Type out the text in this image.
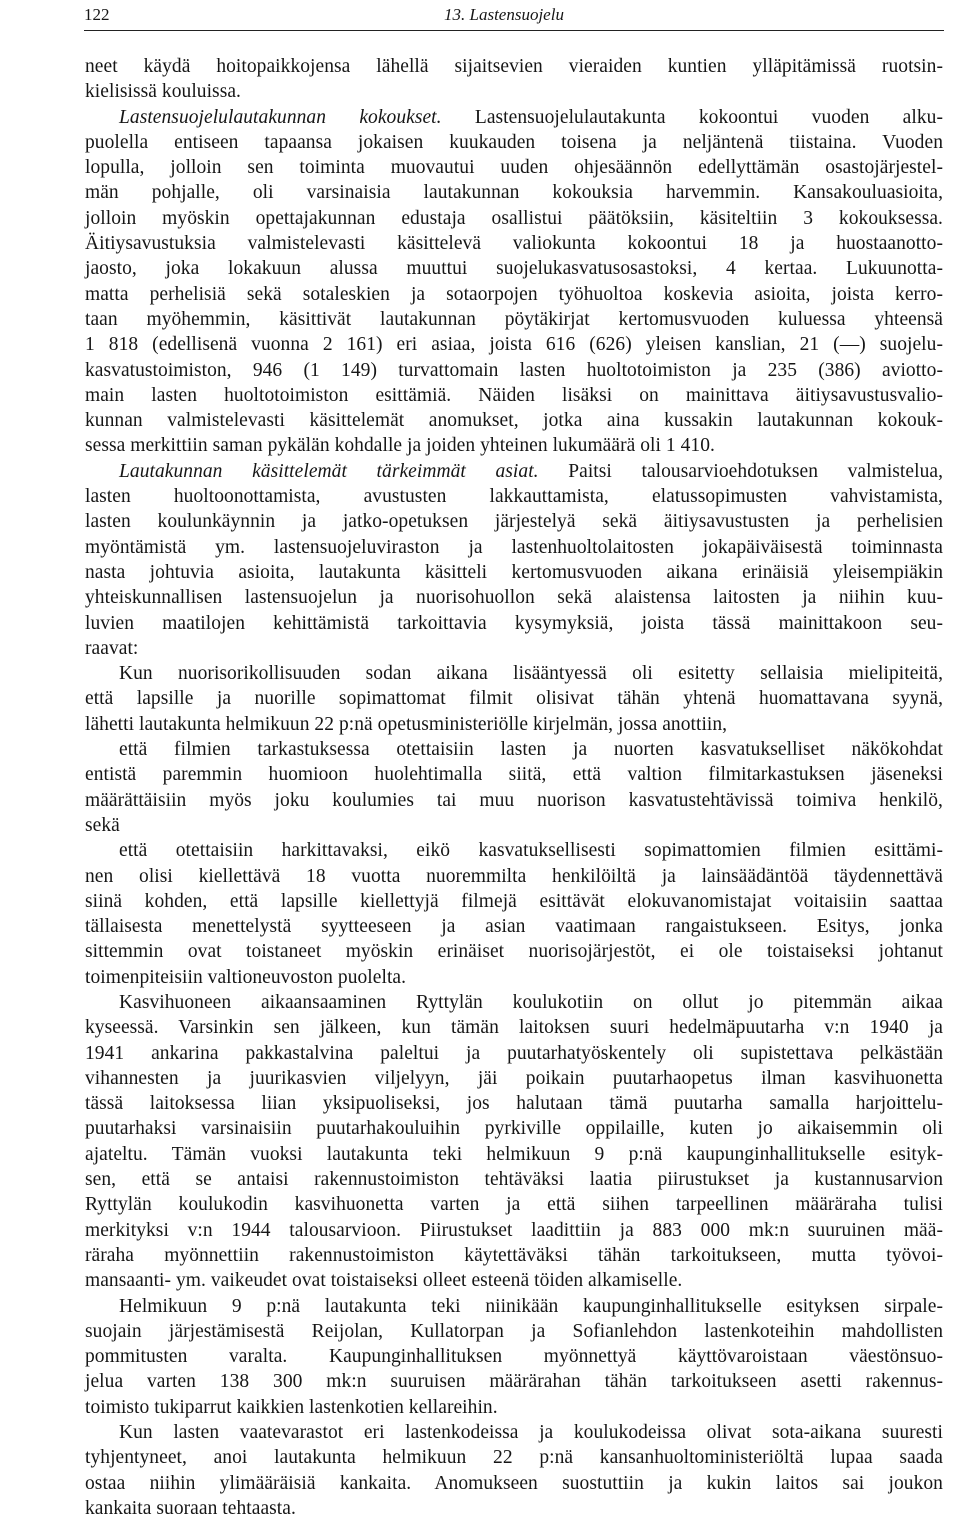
122	13. Lastensuojelu
neet käydä hoitopaikkojensa lähellä sijaitsevien vieraiden kuntien ylläpitämissä ruotsin-
kielisissä kouluissa.
Lastensuojelulautakunnan kokoukset. Lastensuojelulautakunta kokoontui vuoden alku-
puolella entiseen tapaansa jokaisen kuukauden toisena ja neljäntenä tiistaina. Vuoden
lopulla, jolloin sen toiminta muovautui uuden ohjesäännön edellyttämän osastojärjestel-
män pohjalle, oli varsinaisia lautakunnan kokouksia harvemmin. Kansakouluasioita,
jolloin myöskin opettajakunnan edustaja osallistui päätöksiin, käsiteltiin 3 kokouksessa.
Äitiysavustuksia valmistelevasti käsittelevä valiokunta kokoontui 18 ja huostaanotto-
jaosto, joka lokakuun alussa muuttui suojelukasvatusosastoksi, 4 kertaa. Lukuunotta-
matta perhelisiä sekä sotaleskien ja sotaorpojen työhuoltoa koskevia asioita, joista kerro-
taan myöhemmin, käsittivät lautakunnan pöytäkirjat kertomusvuoden kuluessa yhteensä
1 818 (edellisenä vuonna 2 161) eri asiaa, joista 616 (626) yleisen kanslian, 21 (—) suojelu-
kasvatustoimiston, 946 (1 149) turvattomain lasten huoltotoimiston ja 235 (386) aviotto-
main lasten huoltotoimiston esittämiä. Näiden lisäksi on mainittava äitiysavustusvalio-
kunnan valmistelevasti käsittelemät anomukset, jotka aina kussakin lautakunnan kokouk-
sessa merkittiin saman pykälän kohdalle ja joiden yhteinen lukumäärä oli 1 410.
Lautakunnan käsittelemät tärkeimmät asiat. Paitsi talousarvioehdotuksen valmistelua,
lasten huoltoonottamista, avustusten lakkauttamista, elatussopimusten vahvistamista,
lasten koulunkäynnin ja jatko-opetuksen järjestelyä sekä äitiysavustusten ja perhelisien
myöntämistä ym. lastensuojeluviraston ja lastenhuoltolaitosten jokapäiväisestä toiminnasta
nasta johtuvia asioita, lautakunta käsitteli kertomusvuoden aikana erinäisiä yleisempiäkin
yhteiskunnallisen lastensuojelun ja nuorisohuollon sekä alaistensa laitosten ja niihin kuu-
luvien maatilojen kehittämistä tarkoittavia kysymyksiä, joista tässä mainittakoon seu-
raavat:
Kun nuorisorikollisuuden sodan aikana lisääntyessä oli esitetty sellaisia mielipiteitä,
että lapsille ja nuorille sopimattomat filmit olisivat tähän yhtenä huomattavana syynä,
lähetti lautakunta helmikuun 22 p:nä opetusministeriölle kirjelmän, jossa anottiin,
että filmien tarkastuksessa otettaisiin lasten ja nuorten kasvatukselliset näkökohdat
entistä paremmin huomioon huolehtimalla siitä, että valtion filmitarkastuksen jäseneksi
määrättäisiin myös joku koulumies tai muu nuorison kasvatustehtävissä toimiva henkilö,
sekä
että otettaisiin harkittavaksi, eikö kasvatuksellisesti sopimattomien filmien esittämi-
nen olisi kiellettävä 18 vuotta nuoremmilta henkilöiltä ja lainsäädäntöä täydennettävä
siinä kohden, että lapsille kiellettyjä filmejä esittävät elokuvanomistajat voitaisiin saattaa
tällaisesta menettelystä syytteeseen ja asian vaatimaan rangaistukseen. Esitys, jonka
sittemmin ovat toistaneet myöskin erinäiset nuorisojärjestöt, ei ole toistaiseksi johtanut
toimenpiteisiin valtioneuvoston puolelta.
Kasvihuoneen aikaansaaminen Ryttylän koulukotiin on ollut jo pitemmän aikaa
kyseessä. Varsinkin sen jälkeen, kun tämän laitoksen suuri hedelmäpuutarha v:n 1940 ja
1941 ankarina pakkastalvina paleltui ja puutarhatyöskentely oli supistettava pelkästään
vihannesten ja juurikasvien viljelyyn, jäi poikain puutarhaopetus ilman kasvihuonetta
tässä laitoksessa liian yksipuoliseksi, jos halutaan tämä puutarha samalla harjoittelu-
puutarhaksi varsinaisiin puutarhakouluihin pyrkiville oppilaille, kuten jo aikaisemmin oli
ajateltu. Tämän vuoksi lautakunta teki helmikuun 9 p:nä kaupunginhallitukselle esityk-
sen, että se antaisi rakennustoimiston tehtäväksi laatia piirustukset ja kustannusarvion
Ryttylän koulukodin kasvihuonetta varten ja että siihen tarpeellinen määräraha tulisi
merkityksi v:n 1944 talousarvioon. Piirustukset laadittiin ja 883 000 mk:n suuruinen mää-
räraha myönnettiin rakennustoimiston käytettäväksi tähän tarkoitukseen, mutta työvoi-
mansaanti- ym. vaikeudet ovat toistaiseksi olleet esteenä töiden alkamiselle.
Helmikuun 9 p:nä lautakunta teki niinikään kaupunginhallitukselle esityksen sirpale-
suojain järjestämisestä Reijolan, Kullatorpan ja Sofianlehdon lastenkoteihin mahdollisten
pommitusten varalta. Kaupunginhallituksen myönnettyä käyttövaroistaan väestönsuo-
jelua varten 138 300 mk:n suuruisen määrärahan tähän tarkoitukseen asetti rakennus-
toimisto tukiparrut kaikkien lastenkotien kellareihin.
Kun lasten vaatevarastot eri lastenkodeissa ja koulukodeissa olivat sota-aikana suuresti
tyhjentyneet, anoi lautakunta helmikuun 22 p:nä kansanhuoltoministeriöltä lupaa saada
ostaa niihin ylimääräisiä kankaita. Anomukseen suostuttiin ja kukin laitos sai joukon
kankaita suoraan tehtaasta.
